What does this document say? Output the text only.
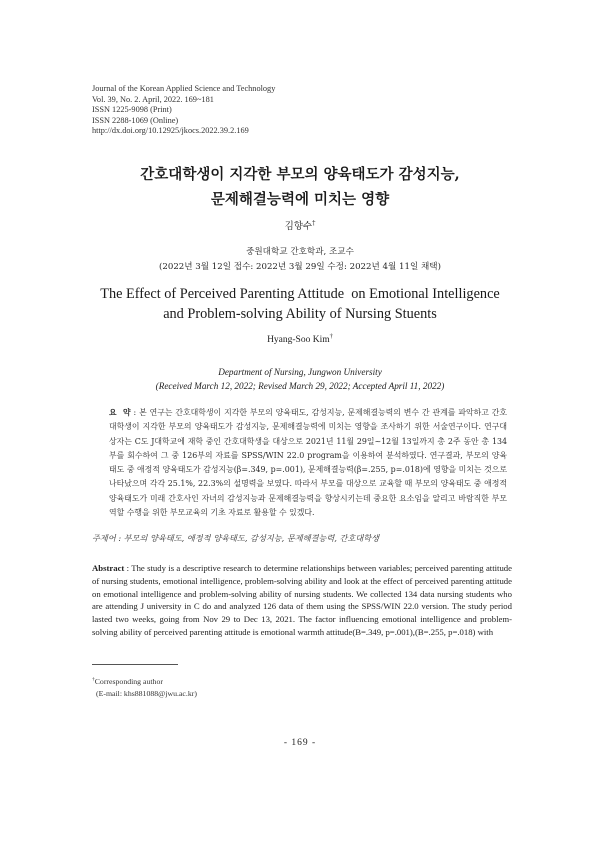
Journal of the Korean Applied Science and Technology
Vol. 39, No. 2. April, 2022. 169~181
ISSN 1225-9098 (Print)
ISSN 2288-1069 (Online)
http://dx.doi.org/10.12925/jkocs.2022.39.2.169
간호대학생이 지각한 부모의 양육태도가 감성지능,
문제해결능력에 미치는 영향
김향수†
중원대학교 간호학과, 조교수
(2022년 3월 12일 접수: 2022년 3월 29일 수정: 2022년 4월 11일 채택)
The Effect of Perceived Parenting Attitude  on Emotional Intelligence
and Problem-solving Ability of Nursing Stuents
Hyang-Soo Kim†
Department of Nursing, Jungwon University
(Received March 12, 2022; Revised March 29, 2022; Accepted April 11, 2022)
요  약 : 본 연구는 간호대학생이 지각한 부모의 양육태도, 감성지능, 문제해결능력의 변수 간 관계를 파악하고 간호대학생이 지각한 부모의 양육태도가 감성지능, 문제해결능력에 미치는 영향을 조사하기 위한 서술연구이다. 연구대상자는 C도 J대학교에 재학 중인 간호대학생을 대상으로 2021년 11월 29일~12월 13일까지 총 2주 동안 총 134부를 회수하여 그 중 126부의 자료를 SPSS/WIN 22.0 program을 이용하여 분석하였다. 연구결과, 부모의 양육 태도 중 애정적 양육태도가 감성지능(β=.349, p=.001), 문제해결능력(β=.255, p=.018)에 영향을 미치는 것으로 나타났으며 각각 25.1%, 22.3%의 설명력을 보였다. 따라서 부모를 대상으로 교육할 때 부모의 양육태도 중 애정적 양육태도가 미래 간호사인 자녀의 감성지능과 문제해결능력을 향상시키는데 중요한 요소임을 알리고 바람직한 부모 역할 수행을 위한 부모교육의 기초 자료로 활용할 수 있겠다.
주제어 : 부모의 양육태도, 애정적 양육태도, 감성지능, 문제해결능력, 간호대학생
Abstract : The study is a descriptive research to determine relationships between variables; perceived parenting attitude of nursing students, emotional intelligence, problem-solving ability and look at the effect of perceived parenting attitude on emotional intelligence and problem-solving ability of nursing students. We collected 134 data nursing students who are attending J university in C do and analyzed 126 data of them using the SPSS/WIN 22.0 version. The study period lasted two weeks, going from Nov 29 to Dec 13, 2021. The factor influencing emotional intelligence and problem-solving ability of perceived parenting attitude is emotional warmth attitude(B=.349, p=.001),(B=.255, p=.018) with
†Corresponding author
(E-mail: khs881088@jwu.ac.kr)
- 169 -
